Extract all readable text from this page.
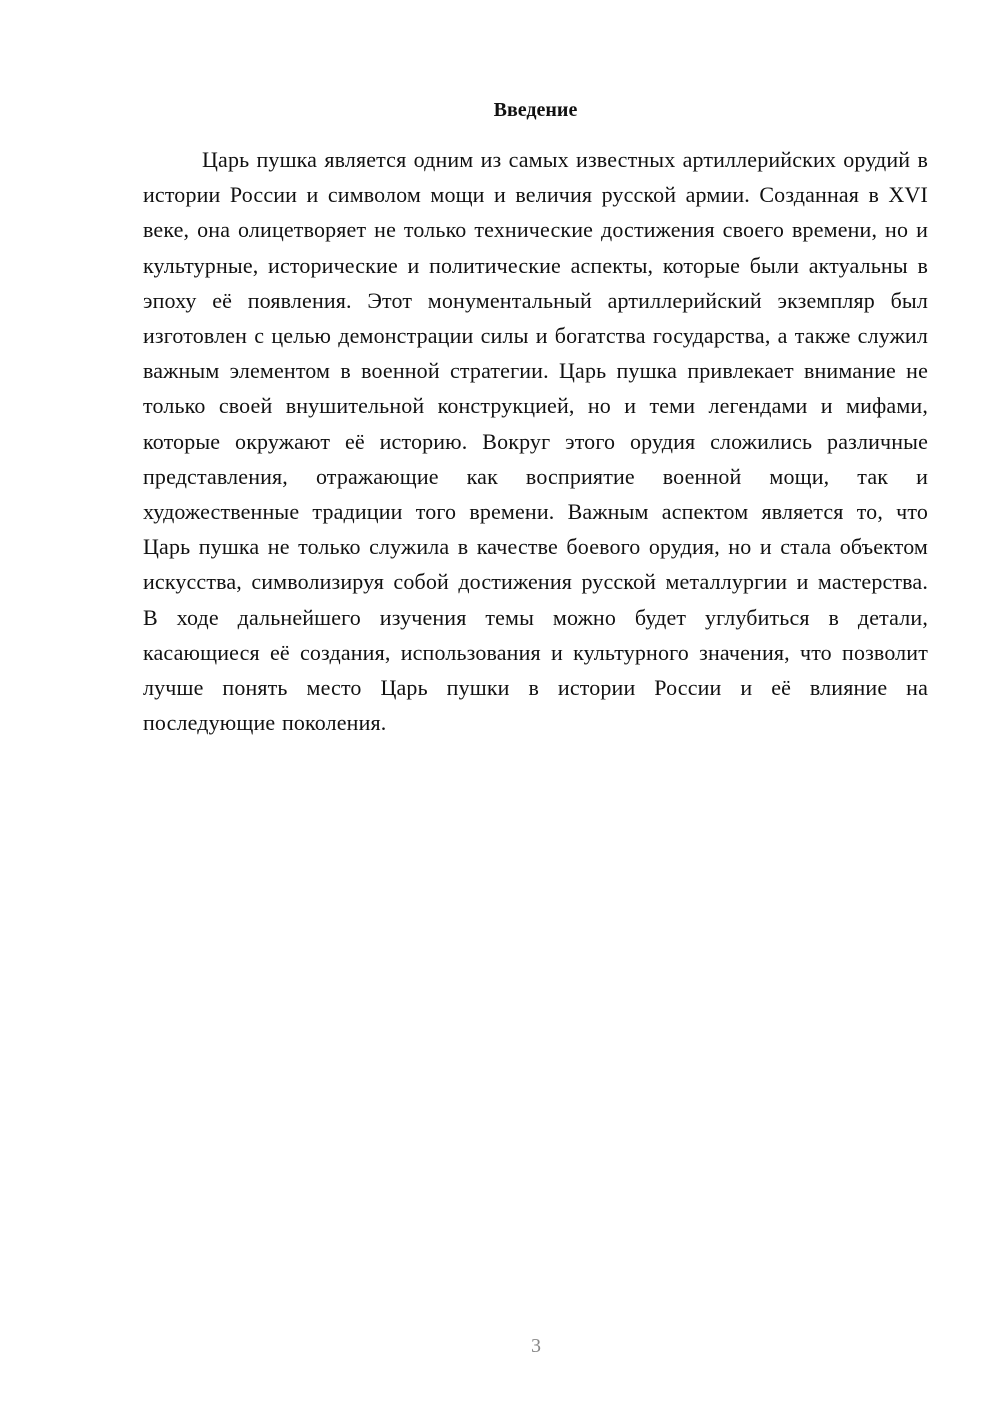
Введение

Царь пушка является одним из самых известных артиллерийских орудий в истории России и символом мощи и величия русской армии. Созданная в XVI веке, она олицетворяет не только технические достижения своего времени, но и культурные, исторические и политические аспекты, которые были актуальны в эпоху её появления. Этот монументальный артиллерийский экземпляр был изготовлен с целью демонстрации силы и богатства государства, а также служил важным элементом в военной стратегии. Царь пушка привлекает внимание не только своей внушительной конструкцией, но и теми легендами и мифами, которые окружают её историю. Вокруг этого орудия сложились различные представления, отражающие как восприятие военной мощи, так и художественные традиции того времени. Важным аспектом является то, что Царь пушка не только служила в качестве боевого орудия, но и стала объектом искусства, символизируя собой достижения русской металлургии и мастерства. В ходе дальнейшего изучения темы можно будет углубиться в детали, касающиеся её создания, использования и культурного значения, что позволит лучше понять место Царь пушки в истории России и её влияние на последующие поколения.

3
